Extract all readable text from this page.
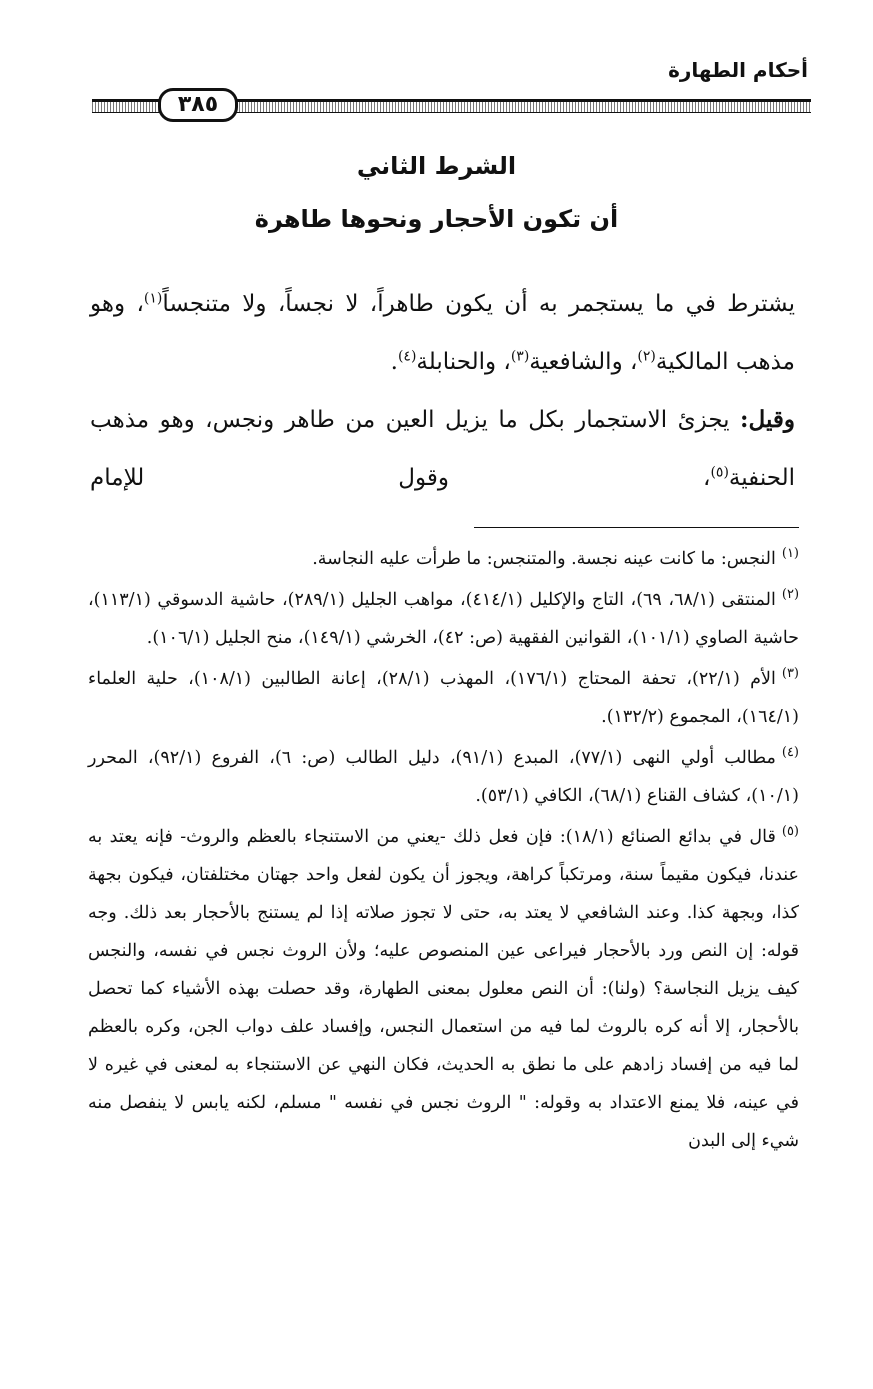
أحكام الطهارة
٣٨٥
الشرط الثاني
أن تكون الأحجار ونحوها طاهرة

يشترط في ما يستجمر به أن يكون طاهراً، لا نجساً، ولا متنجساً$^{(١)}$، وهو مذهب المالكية$^{(٢)}$، والشافعية$^{(٣)}$، والحنابلة$^{(٤)}$.

وقيل: يجزئ الاستجمار بكل ما يزيل العين من طاهر ونجس، وهو مذهب الحنفية$^{(٥)}$، وقول للإمام

$^{(١)}$النجس: ما كانت عينه نجسة. والمتنجس: ما طرأت عليه النجاسة.

$^{(٢)}$المنتقى (٦٨/١، ٦٩)، التاج والإكليل (٤١٤/١)، مواهب الجليل (٢٨٩/١)، حاشية الدسوقي (١١٣/١)، حاشية الصاوي (١٠١/١)، القوانين الفقهية (ص: ٤٢)، الخرشي (١٤٩/١)، منح الجليل (١٠٦/١).

$^{(٣)}$الأم (٢٢/١)، تحفة المحتاج (١٧٦/١)، المهذب (٢٨/١)، إعانة الطالبين (١٠٨/١)، حلية العلماء (١٦٤/١)، المجموع (١٣٢/٢).

$^{(٤)}$مطالب أولي النهى (٧٧/١)، المبدع (٩١/١)، دليل الطالب (ص: ٦)، الفروع (٩٢/١)، المحرر (١٠/١)، كشاف القناع (٦٨/١)، الكافي (٥٣/١).

$^{(٥)}$قال في بدائع الصنائع (١٨/١): فإن فعل ذلك -يعني من الاستنجاء بالعظم والروث- فإنه يعتد به عندنا، فيكون مقيماً سنة، ومرتكباً كراهة، ويجوز أن يكون لفعل واحد جهتان مختلفتان، فيكون بجهة كذا، وبجهة كذا. وعند الشافعي لا يعتد به، حتى لا تجوز صلاته إذا لم يستنج بالأحجار بعد ذلك. وجه قوله: إن النص ورد بالأحجار فيراعى عين المنصوص عليه؛ ولأن الروث نجس في نفسه، والنجس كيف يزيل النجاسة؟ (ولنا): أن النص معلول بمعنى الطهارة، وقد حصلت بهذه الأشياء كما تحصل بالأحجار، إلا أنه كره بالروث لما فيه من استعمال النجس، وإفساد علف دواب الجن، وكره بالعظم لما فيه من إفساد زادهم على ما نطق به الحديث، فكان النهي عن الاستنجاء به لمعنى في غيره لا في عينه، فلا يمنع الاعتداد به وقوله: " الروث نجس في نفسه " مسلم، لكنه يابس لا ينفصل منه شيء إلى البدن
